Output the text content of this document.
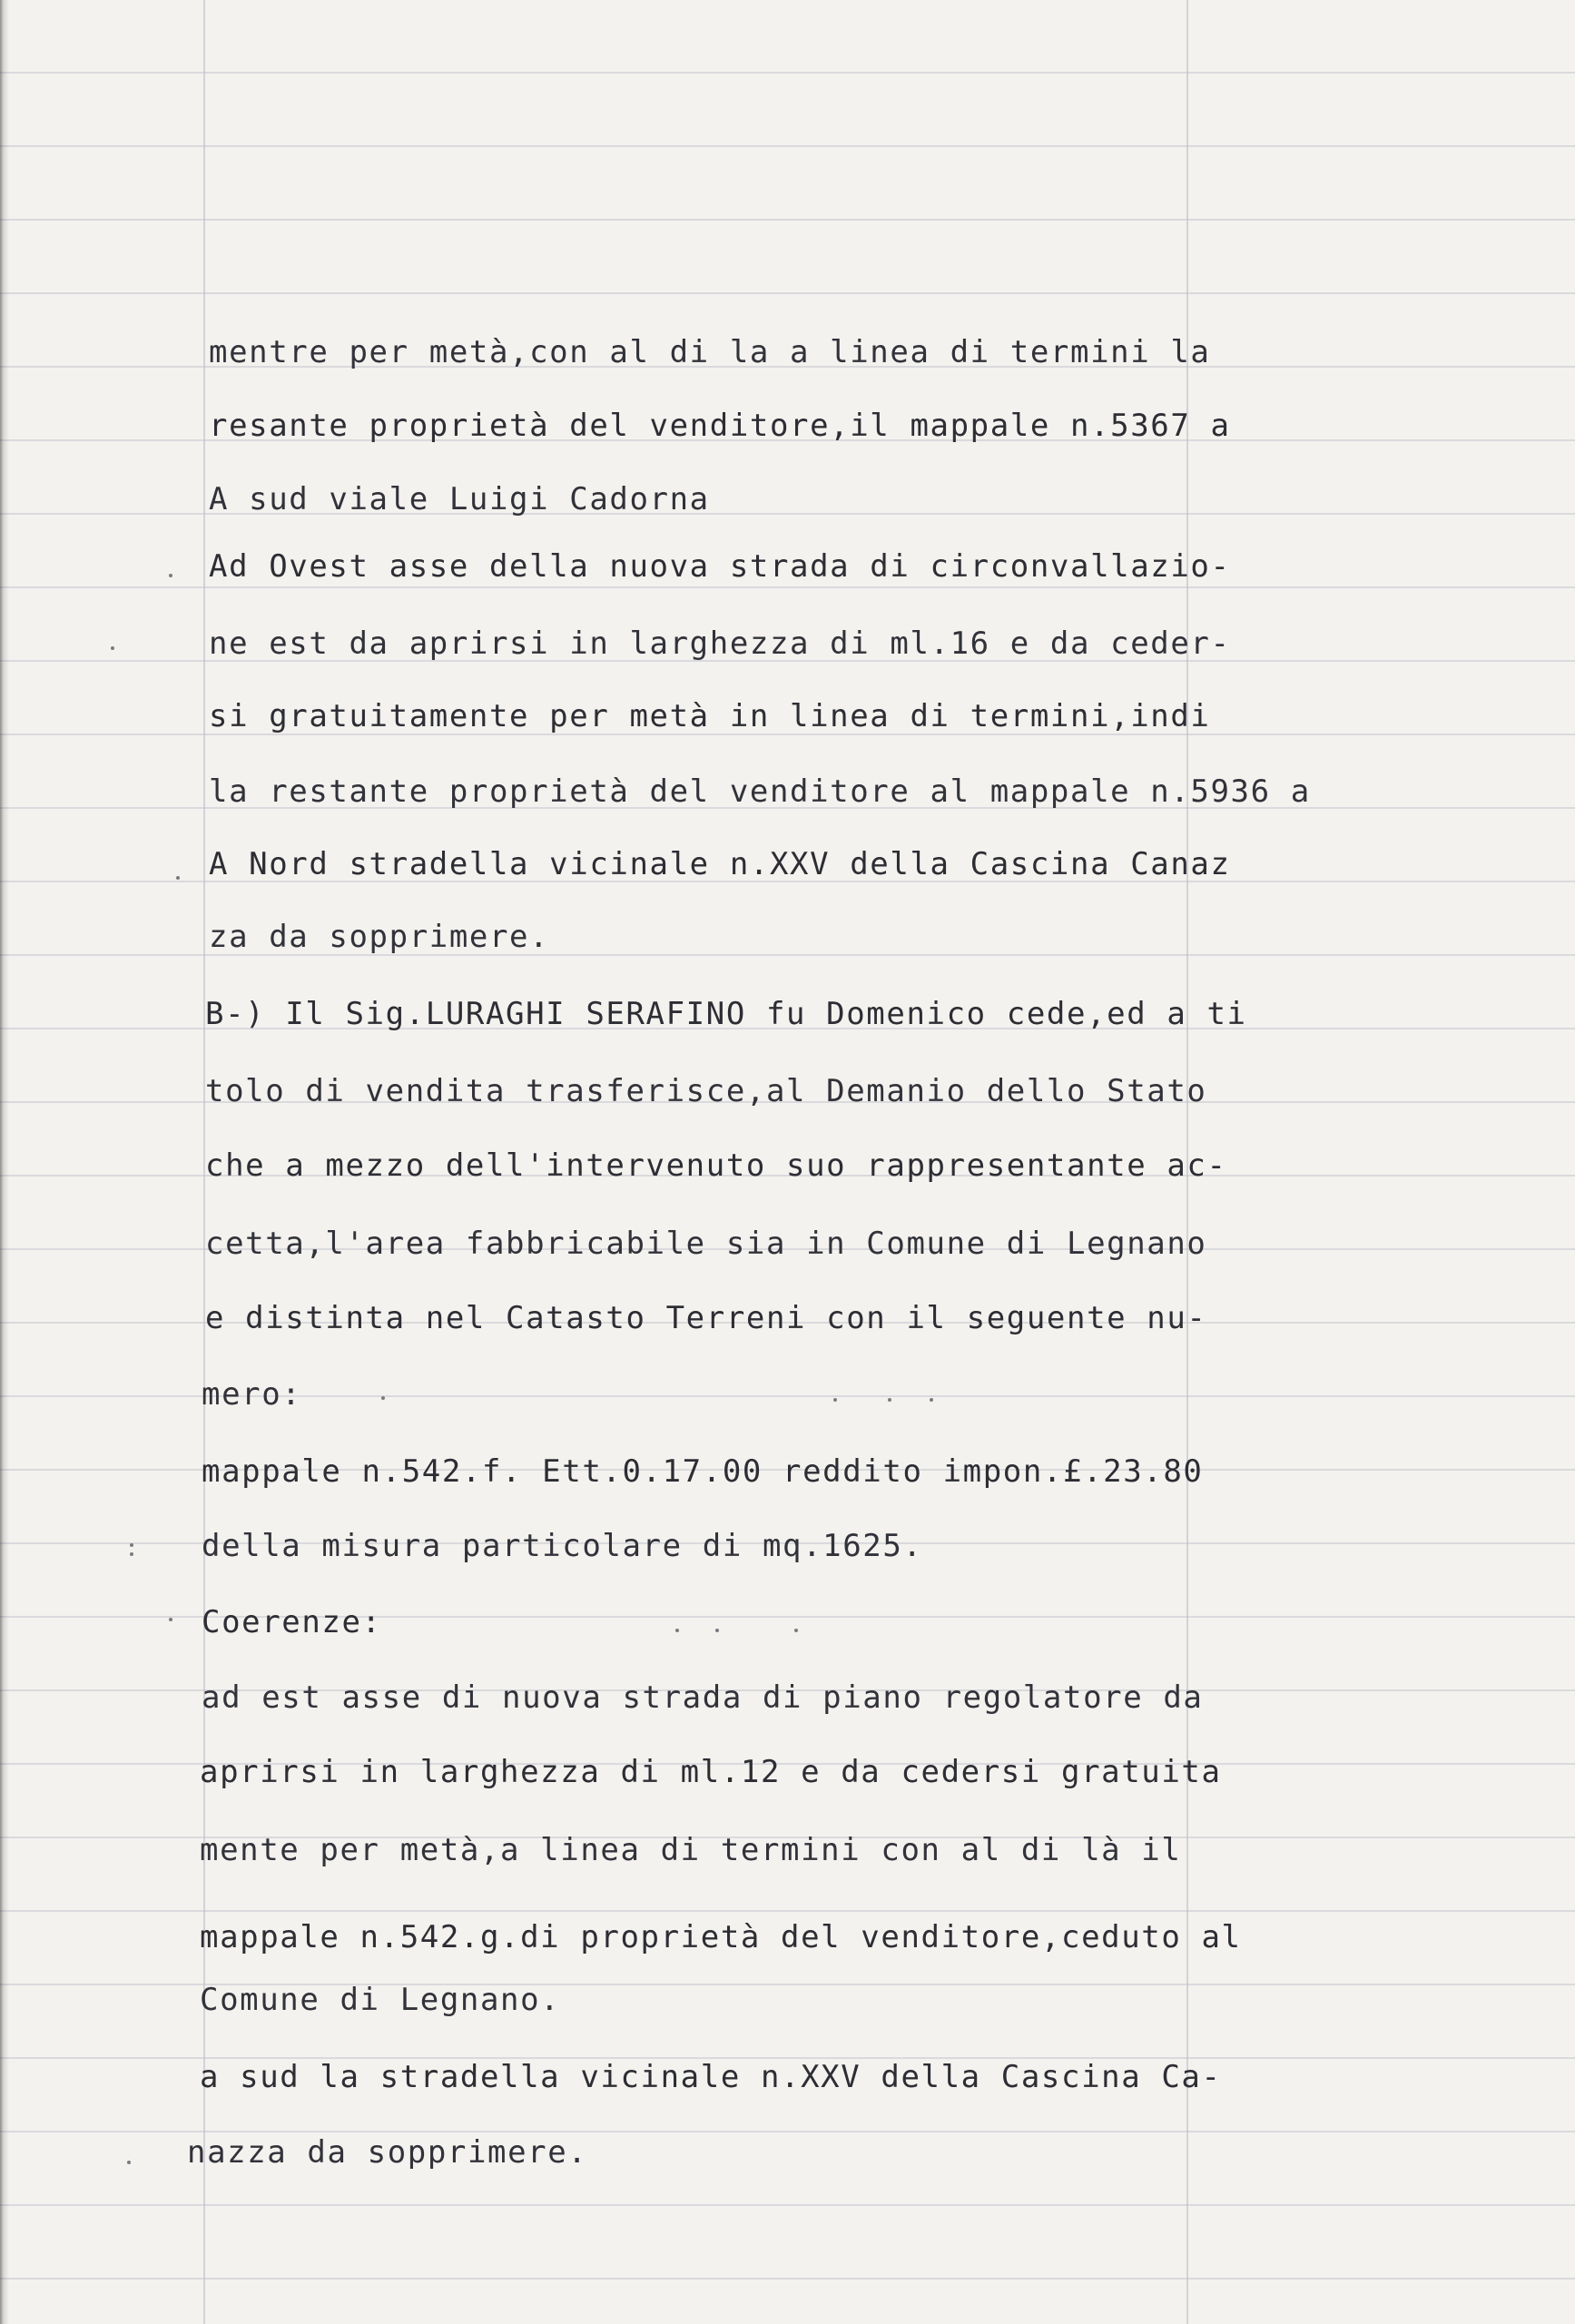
mentre per metà,con al di la a linea di termini la
resante proprietà del venditore,il mappale n.5367 a
A sud viale Luigi Cadorna
Ad Ovest asse della nuova strada di circonvallazio-
ne est da aprirsi in larghezza di ml.16 e da ceder-
si gratuitamente per metà in linea di termini,indi
la restante proprietà del venditore al mappale n.5936 a
A Nord stradella vicinale n.XXV della Cascina Canaz
za da sopprimere.
B-) Il Sig.LURAGHI SERAFINO fu Domenico cede,ed a ti
tolo di vendita trasferisce,al Demanio dello Stato
che a mezzo dell'intervenuto suo rappresentante ac-
cetta,l'area fabbricabile sia in Comune di Legnano
e distinta nel Catasto Terreni con il seguente nu-
mero:
mappale n.542.f. Ett.0.17.00 reddito impon.£.23.80
della misura particolare di mq.1625.
Coerenze:
ad est asse di nuova strada di piano regolatore da
aprirsi in larghezza di ml.12 e da cedersi gratuita
mente per metà,a linea di termini con al di là il
mappale n.542.g.di proprietà del venditore,ceduto al
Comune di Legnano.
a sud la stradella vicinale n.XXV della Cascina Ca-
nazza da sopprimere.
